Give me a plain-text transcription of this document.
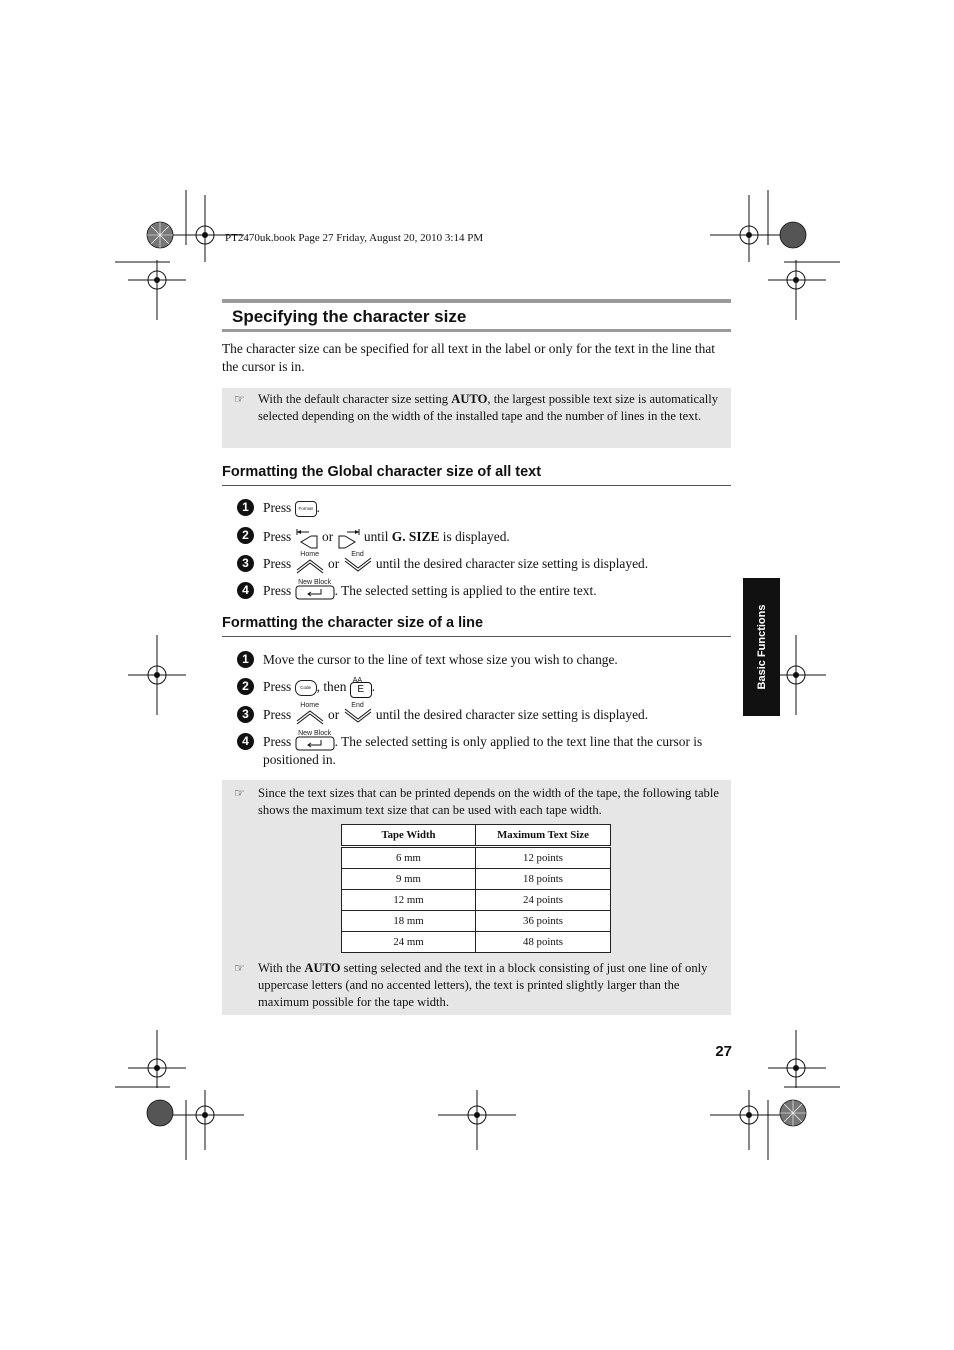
PT2470uk.book Page 27 Friday, August 20, 2010 3:14 PM
Specifying the character size
The character size can be specified for all text in the label or only for the text in the line that the cursor is in.
☞ With the default character size setting AUTO, the largest possible text size is automatically selected depending on the width of the installed tape and the number of lines in the text.
Formatting the Global character size of all text
1	Press Format .
2	Press or until G. SIZE is displayed.
3	Press
Home
or
End
until the desired character size setting is displayed.
4	Press
New Block
. The selected setting is applied to the entire text.
Formatting the character size of a line
1	Move the cursor to the line of text whose size you wish to change.
2	Press Code , then AA
E .
3	Press
Home
or
End
until the desired character size setting is displayed.
4	Press
New Block
. The selected setting is only applied to the text line that the cursor is positioned in.
☞ Since the text sizes that can be printed depends on the width of the tape, the following table shows the maximum text size that can be used with each tape width.
Tape Width	Maximum Text Size
6 mm	12 points
9 mm	18 points
12 mm	24 points
18 mm	36 points
24 mm	48 points
☞ With the AUTO setting selected and the text in a block consisting of just one line of only uppercase letters (and no accented letters), the text is printed slightly larger than the maximum possible for the tape width.
Basic Functions
27
